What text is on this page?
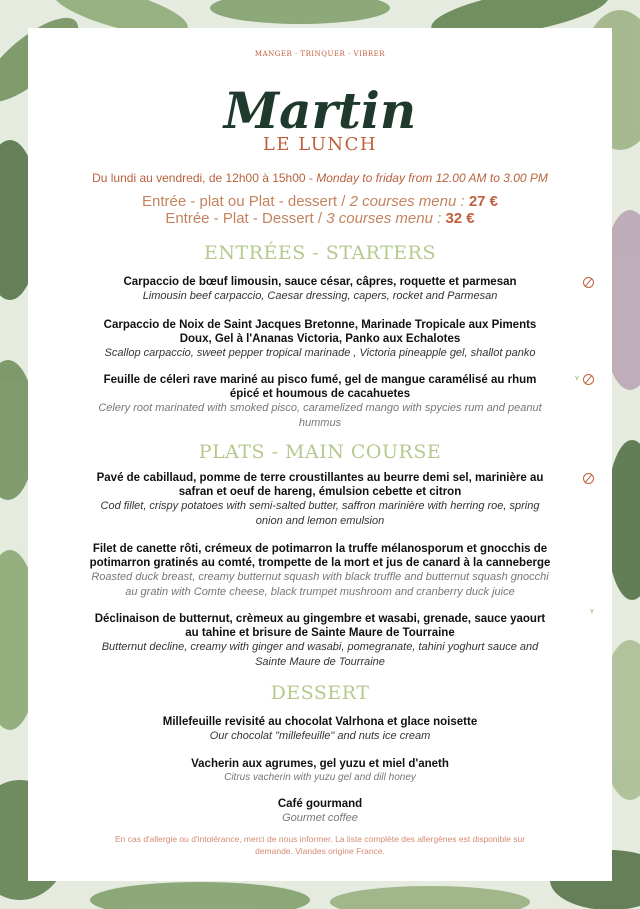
MANGER · TRINQUER · VIBRER
Martin
LE LUNCH
Du lundi au vendredi, de 12h00 à 15h00 - Monday to friday from 12.00 AM to 3.00 PM
Entrée - plat ou Plat - dessert / 2 courses menu : 27 €
Entrée - Plat - Dessert / 3 courses menu : 32 €
ENTRÉES - STARTERS
Carpaccio de bœuf limousin, sauce césar, câpres, roquette et parmesan
Limousin beef carpaccio, Caesar dressing, capers, rocket and Parmesan
Carpaccio de Noix de Saint Jacques Bretonne, Marinade Tropicale aux Piments Doux, Gel à l'Ananas Victoria, Panko aux Echalotes
Scallop carpaccio, sweet pepper tropical marinade , Victoria pineapple gel, shallot panko
Feuille de céleri rave mariné au pisco fumé, gel de mangue caramélisé au rhum épicé et houmous de cacahuetes
Celery root marinated with smoked pisco, caramelized mango with spycies rum and peanut hummus
ᵞ
PLATS - MAIN COURSE
Pavé de cabillaud, pomme de terre croustillantes au beurre demi sel, marinière au safran et oeuf de hareng, émulsion cebette et citron
Cod fillet, crispy potatoes with semi-salted butter, saffron marinière with herring roe, spring onion and lemon emulsion
Filet de canette rôti, crémeux de potimarron la truffe mélanosporum et gnocchis de potimarron gratinés au comté, trompette de la mort et jus de canard à la canneberge
Roasted duck breast, creamy butternut squash with black truffle and butternut squash gnocchi au gratin with Comte cheese, black trumpet mushroom and cranberry duck juice
Déclinaison de butternut, crèmeux au gingembre et wasabi, grenade, sauce yaourt au tahine et brisure de Sainte Maure de Tourraine
Butternut decline, creamy with ginger and wasabi, pomegranate, tahini yoghurt sauce and Sainte Maure de Tourraine
ᵞ
DESSERT
Millefeuille revisité au chocolat Valrhona et glace noisette
Our chocolat "millefeuille" and nuts ice cream
Vacherin aux agrumes, gel yuzu et miel d'aneth
Citrus vacherin with yuzu gel and dill honey
Café gourmand
Gourmet coffee
En cas d'allergie ou d'intolérance, merci de nous informer. La liste complète des allergènes est disponible sur demande. Viandes origine France.
